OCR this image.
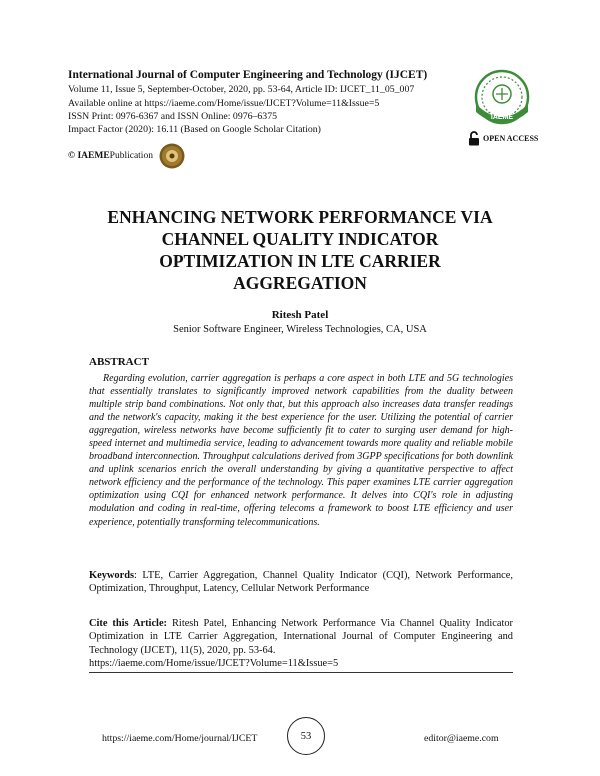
International Journal of Computer Engineering and Technology (IJCET)
Volume 11, Issue 5, September-October, 2020, pp. 53-64, Article ID: IJCET_11_05_007
Available online at https://iaeme.com/Home/issue/IJCET?Volume=11&Issue=5
ISSN Print: 0976-6367 and ISSN Online: 0976–6375
Impact Factor (2020): 16.11 (Based on Google Scholar Citation)
© IAEME Publication
IAEME
OPEN ACCESS
ENHANCING NETWORK PERFORMANCE VIA
CHANNEL QUALITY INDICATOR
OPTIMIZATION IN LTE CARRIER
AGGREGATION
Ritesh Patel
Senior Software Engineer, Wireless Technologies, CA, USA
ABSTRACT

Regarding evolution, carrier aggregation is perhaps a core aspect in both LTE and 5G technologies that essentially translates to significantly improved network capabilities from the duality between multiple strip band combinations. Not only that, but this approach also increases data transfer readings and the network's capacity, making it the best experience for the user. Utilizing the potential of carrier aggregation, wireless networks have become sufficiently fit to cater to surging user demand for high-speed internet and multimedia service, leading to advancement towards more quality and reliable mobile broadband interconnection. Throughput calculations derived from 3GPP specifications for both downlink and uplink scenarios enrich the overall understanding by giving a quantitative perspective to affect network efficiency and the performance of the technology. This paper examines LTE carrier aggregation optimization using CQI for enhanced network performance. It delves into CQI's role in adjusting modulation and coding in real-time, offering telecoms a framework to boost LTE efficiency and user experience, potentially transforming telecommunications.

Keywords: LTE, Carrier Aggregation, Channel Quality Indicator (CQI), Network Performance, Optimization, Throughput, Latency, Cellular Network Performance

Cite this Article: Ritesh Patel, Enhancing Network Performance Via Channel Quality Indicator Optimization in LTE Carrier Aggregation, International Journal of Computer Engineering and Technology (IJCET), 11(5), 2020, pp. 53-64.
https://iaeme.com/Home/issue/IJCET?Volume=11&Issue=5

https://iaeme.com/Home/journal/IJCET	53	editor@iaeme.com
